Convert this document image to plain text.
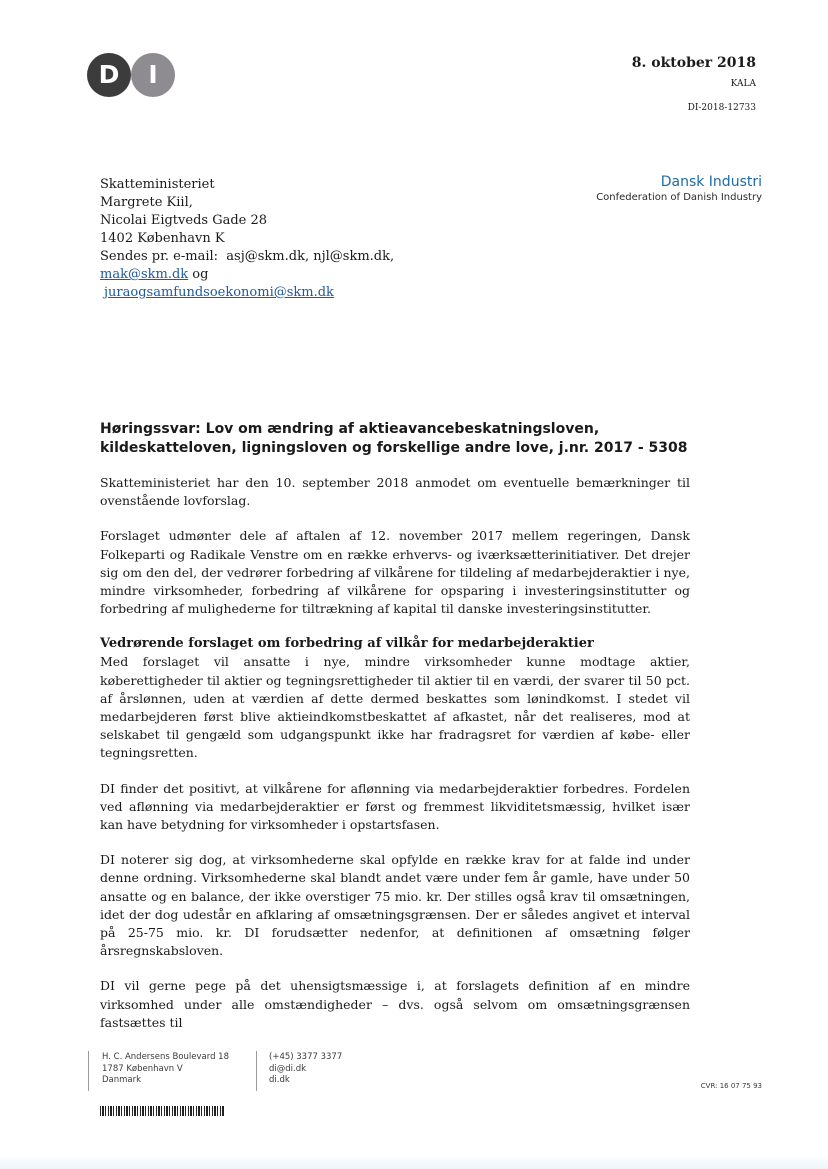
D	I	8. oktober 2018
KALA
DI-2018-12733
Dansk Industri
Confederation of Danish Industry
Skatteministeriet
Margrete Kiil,
Nicolai Eigtveds Gade 28
1402 København K
Sendes pr. e-mail:  asj@skm.dk, njl@skm.dk,
mak@skm.dk og
juraogsamfundsoekonomi@skm.dk
Høringssvar: Lov om ændring af aktieavancebeskatningsloven, kildeskatteloven, ligningsloven og forskellige andre love, j.nr. 2017 - 5308

Skatteministeriet har den 10. september 2018 anmodet om eventuelle bemærkninger til ovenstående lovforslag.

Forslaget udmønter dele af aftalen af 12. november 2017 mellem regeringen, Dansk Folkeparti og Radikale Venstre om en række erhvervs- og iværksætterinitiativer. Det drejer sig om den del, der vedrører forbedring af vilkårene for tildeling af medarbejderaktier i nye, mindre virksomheder, forbedring af vilkårene for opsparing i investeringsinstitutter og forbedring af mulighederne for tiltrækning af kapital til danske investeringsinstitutter.

Vedrørende forslaget om forbedring af vilkår for medarbejderaktier

Med forslaget vil ansatte i nye, mindre virksomheder kunne modtage aktier, køberettigheder til aktier og tegningsrettigheder til aktier til en værdi, der svarer til 50 pct. af årslønnen, uden at værdien af dette dermed beskattes som lønindkomst. I stedet vil medarbejderen først blive aktieindkomstbeskattet af afkastet, når det realiseres, mod at selskabet til gengæld som udgangspunkt ikke har fradragsret for værdien af købe- eller tegningsretten.

DI finder det positivt, at vilkårene for aflønning via medarbejderaktier forbedres. Fordelen ved aflønning via medarbejderaktier er først og fremmest likviditetsmæssig, hvilket især kan have betydning for virksomheder i opstartsfasen.

DI noterer sig dog, at virksomhederne skal opfylde en række krav for at falde ind under denne ordning. Virksomhederne skal blandt andet være under fem år gamle, have under 50 ansatte og en balance, der ikke overstiger 75 mio. kr. Der stilles også krav til omsætningen, idet der dog udestår en afklaring af omsætningsgrænsen. Der er således angivet et interval på 25-75 mio. kr. DI forudsætter nedenfor, at definitionen af omsætning følger årsregnskabsloven.

DI vil gerne pege på det uhensigtsmæssige i, at forslagets definition af en mindre virksomhed under alle omstændigheder – dvs. også selvom om omsætningsgrænsen fastsættes til

H. C. Andersens Boulevard 18
1787 København V
Danmark
(+45) 3377 3377
di@di.dk
di.dk
CVR: 16 07 75 93
